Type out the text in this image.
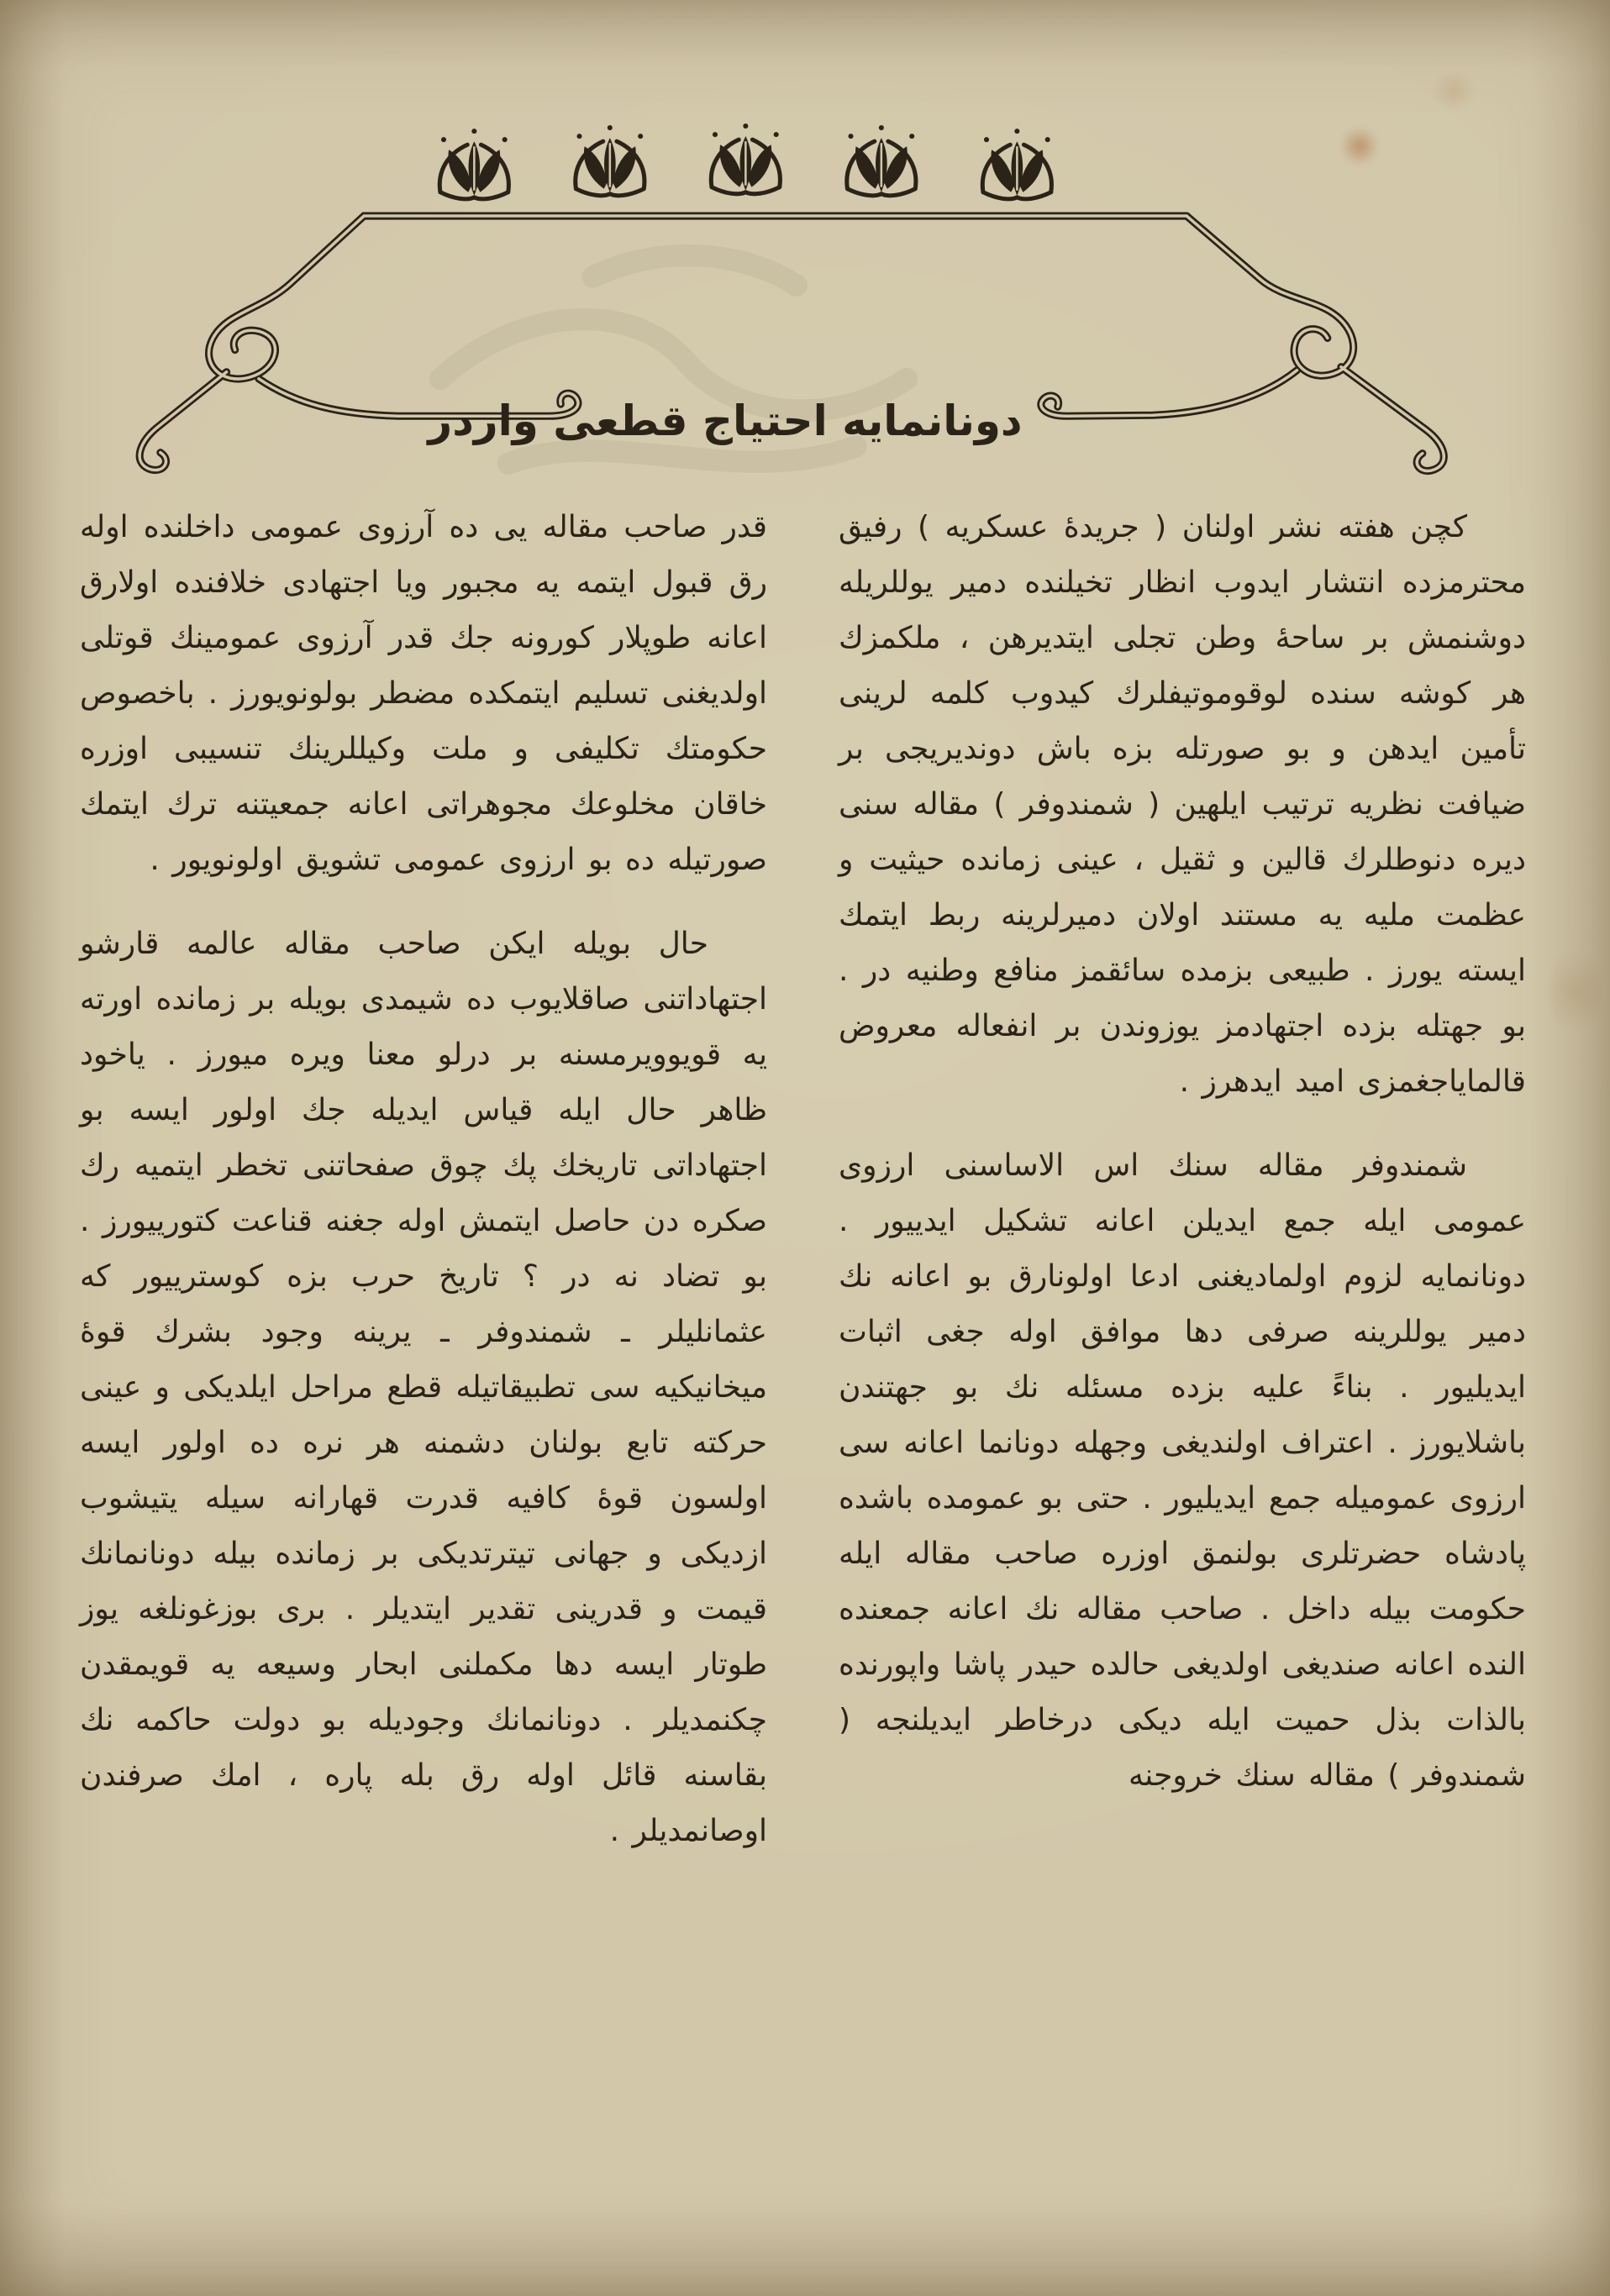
دونانمایه احتیاج قطعی واردر

کچن هفته نشر اولنان ( جریدهٔ عسکریه ) رفیق محترمزده انتشار ایدوب انظار تخیلنده دمیر یوللریله دوشنمش بر ساحهٔ وطن تجلی ایتدیرهن ، ملکمزك هر کوشه سنده لوقوموتیفلرك کیدوب کلمه لرینی تأمین ایدهن و بو صورتله بزه باش دوندیریجی بر ضیافت نظریه ترتیب ایلهین ( شمندوفر ) مقاله سنی دیره دنوطلرك قالین و ثقیل ، عینی زمانده حیثیت و عظمت ملیه یه مستند اولان دمیرلرینه ربط ایتمك ایسته یورز . طبیعی بزمده سائقمز منافع وطنیه در . بو جهتله بزده اجتهادمز یوزوندن بر انفعاله معروض قالمایاجغمزی امید ایدهرز .

شمندوفر مقاله سنك اس الاساسنی ارزوی عمومی ایله جمع ایدیلن اعانه تشکیل ایدییور . دونانمایه لزوم اولمادیغنی ادعا اولونارق بو اعانه نك دمیر یوللرینه صرفی دها موافق اوله جغی اثبات ایدیلیور . بناءً علیه بزده مسئله نك بو جهتندن باشلایورز . اعتراف اولندیغی وجهله دونانما اعانه سی ارزوی عمومیله جمع ایدیلیور . حتی بو عمومده باشده پادشاه حضرتلری بولنمق اوزره صاحب مقاله ایله حکومت بیله داخل . صاحب مقاله نك اعانه جمعنده النده اعانه صندیغی اولدیغی حالده حیدر پاشا واپورنده بالذات بذل حمیت ایله دیکی درخاطر ایدیلنجه ( شمندوفر ) مقاله سنك خروجنه

قدر صاحب مقاله یی ده آرزوی عمومی داخلنده اوله رق قبول ایتمه یه مجبور ویا اجتهادی خلافنده اولارق اعانه طوپلار کورونه جك قدر آرزوی عمومینك قوتلی اولدیغنی تسلیم ایتمكده مضطر بولونویورز . باخصوص حکومتك تکلیفی و ملت وکیللرینك تنسیبی اوزره خاقان مخلوعك مجوهراتی اعانه جمعیتنه ترك ایتمك صورتیله ده بو ارزوی عمومی تشویق اولونویور .

حال بویله ایکن صاحب مقاله عالمه قارشو اجتهاداتنی صاقلایوب ده شیمدی بویله بر زمانده اورته یه قویوویرمسنه بر درلو معنا ویره میورز . یاخود ظاهر حال ایله قیاس ایدیله جك اولور ایسه بو اجتهاداتی تاریخك پك چوق صفحاتنی تخطر ایتمیه رك صكره دن حاصل ایتمش اوله جغنه قناعت کتورییورز . بو تضاد نه در ؟ تاریخ حرب بزه کوسترییور که عثمانلیلر ـ شمندوفر ـ یرینه وجود بشرك قوهٔ میخانیکیه سی تطبیقاتیله قطع مراحل ایلدیکی و عینی حرکته تابع بولنان دشمنه هر نره ده اولور ایسه اولسون قوهٔ کافیه قدرت قهارانه سیله یتیشوب ازدیکی و جهانی تیترتدیکی بر زمانده بیله دونانمانك قیمت و قدرینی تقدیر ایتدیلر . بری بوزغونلغه یوز طوتار ایسه دها مکملنی ابحار وسیعه یه قویمقدن چکنمدیلر . دونانمانك وجودیله بو دولت حاکمه نك بقاسنه قائل اوله رق بله پاره ، امك صرفندن اوصانمدیلر .
